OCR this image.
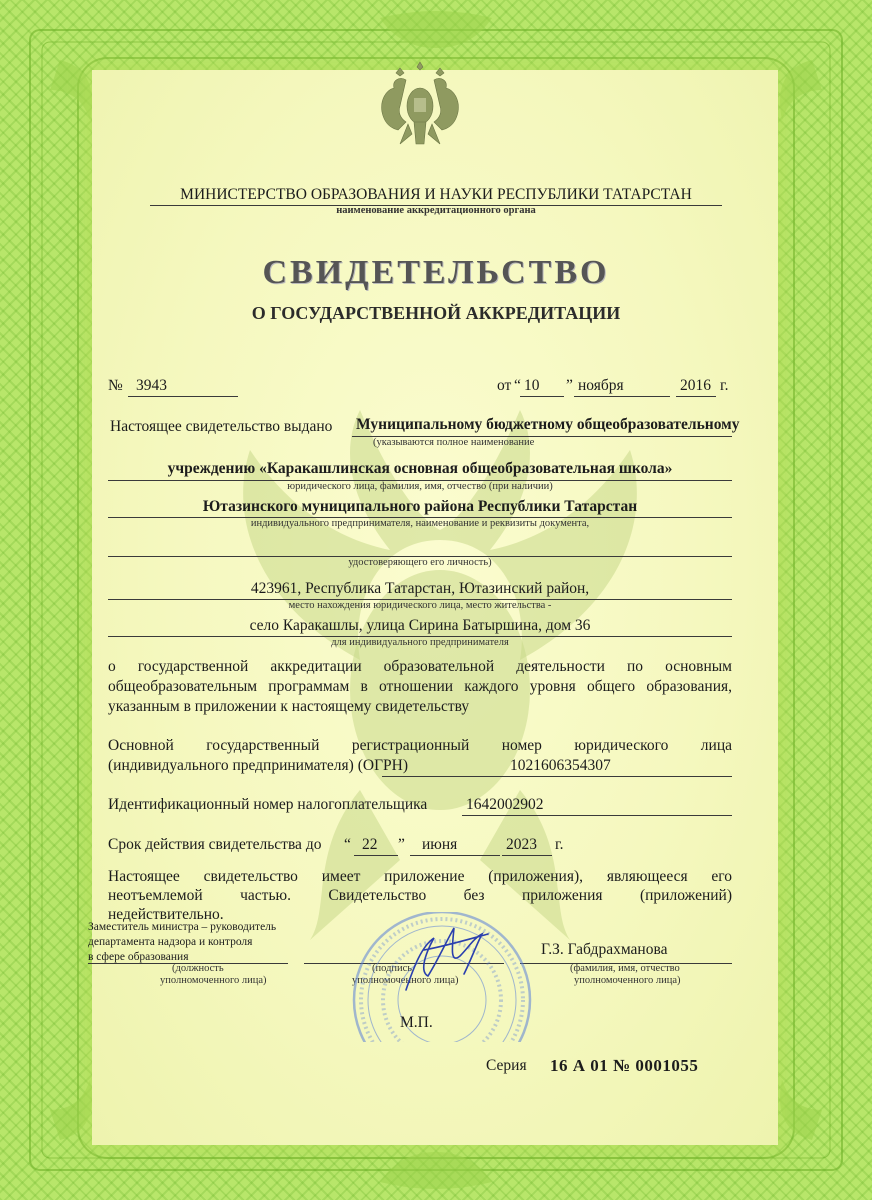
МИНИСТЕРСТВО ОБРАЗОВАНИЯ И НАУКИ РЕСПУБЛИКИ ТАТАРСТАН
наименование аккредитационного органа
СВИДЕТЕЛЬСТВО
О ГОСУДАРСТВЕННОЙ АККРЕДИТАЦИИ
№ 3943	от “ 10 ” ноября	2016 г.
Настоящее свидетельство выдано Муниципальному бюджетному общеобразовательному
(указываются полное наименование
учреждению «Каракашлинская основная общеобразовательная школа»
юридического лица, фамилия, имя, отчество (при наличии)
Ютазинского муниципального района Республики Татарстан
индивидуального предпринимателя, наименование и реквизиты документа,
удостоверяющего его личность)
423961, Республика Татарстан, Ютазинский район,
место нахождения юридического лица, место жительства -
село Каракашлы, улица Сирина Батыршина, дом 36
для индивидуального предпринимателя
о государственной аккредитации образовательной деятельности по основным
общеобразовательным программам в отношении каждого уровня общего образования,
указанным в приложении к настоящему свидетельству
Основной государственный регистрационный номер юридического лица
(индивидуального предпринимателя) (ОГРН)	1021606354307
Идентификационный номер налогоплательщика 1642002902
Срок действия свидетельства до “ 22 ” июня	2023 г.
Настоящее свидетельство имеет приложение (приложения), являющееся его
неотъемлемой частью. Свидетельство без приложения (приложений)
недействительно.
Заместитель министра – руководитель
департамента надзора и контроля
в сфере образования
(должность
уполномоченного лица)
(подпись
уполномоченного лица)
Г.З. Габдрахманова
(фамилия, имя, отчество
уполномоченного лица)
М.П.
Серия 16 А 01 № 0001055
